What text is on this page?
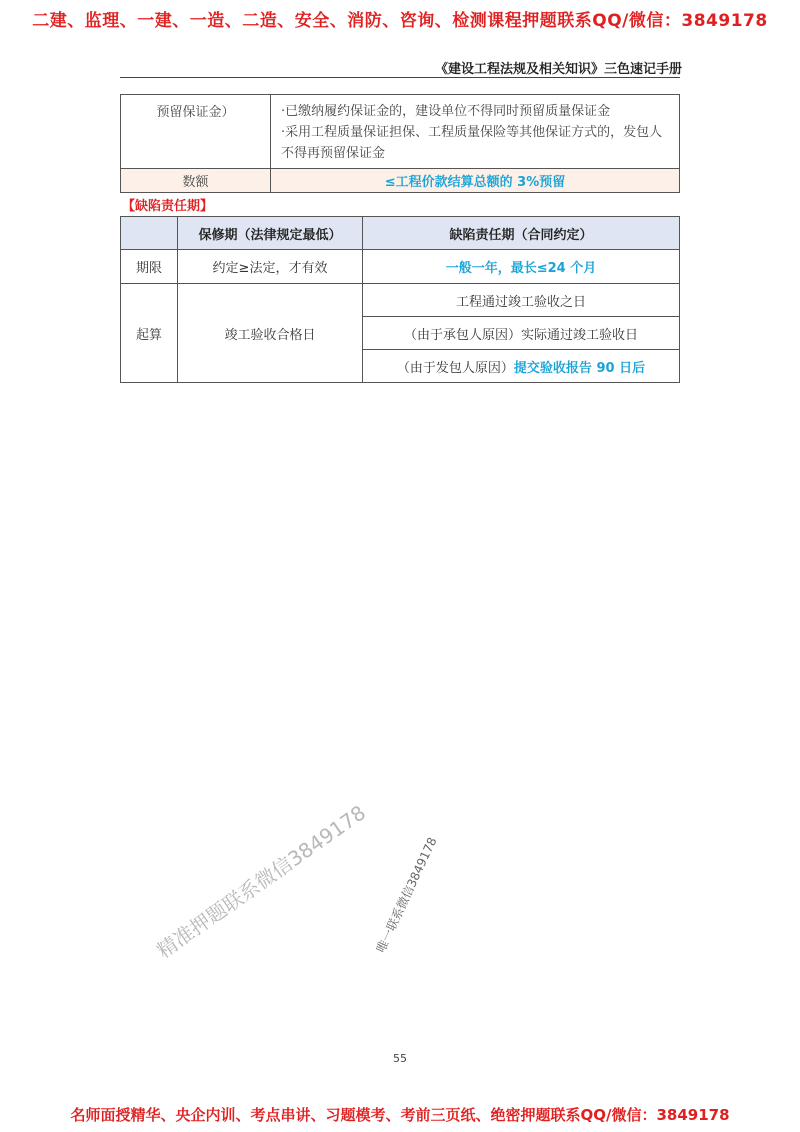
二建、监理、一建、一造、二造、安全、消防、咨询、检测课程押题联系QQ/微信：3849178
《建设工程法规及相关知识》三色速记手册
预留保证金）	·已缴纳履约保证金的，建设单位不得同时预留质量保证金
·采用工程质量保证担保、工程质量保险等其他保证方式的，发包人不得再预留保证金

数额	≤工程价款结算总额的 3%预留
【缺陷责任期】
	保修期（法律规定最低）	缺陷责任期（合同约定）
期限	约定≥法定，才有效	一般一年，最长≤24 个月
起算	竣工验收合格日	工程通过竣工验收之日
		（由于承包人原因）实际通过竣工验收日
		（由于发包人原因）提交验收报告 90 日后
精准押题联系微信3849178 唯一联系微信3849178
55
名师面授精华、央企内训、考点串讲、习题模考、考前三页纸、绝密押题联系QQ/微信：3849178
